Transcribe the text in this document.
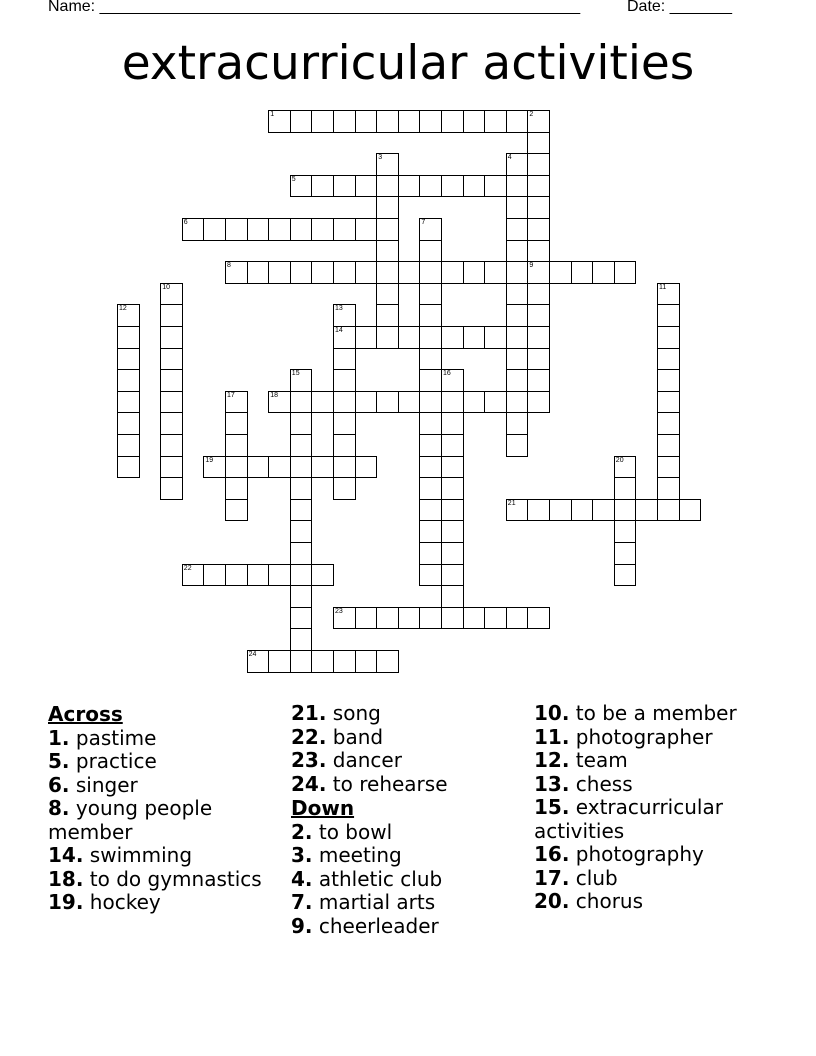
Name: ______________________________________________________	Date: _______
extracurricular activities
1	2
9
3	4
5
6	7
8
10	11
12	13
14
15	16
17	18
19	20
21
22
23
24
Across
1. pastime
5. practice
6. singer
8. young people member
14. swimming
18. to do gymnastics
19. hockey
21. song
22. band
23. dancer
24. to rehearse
Down
2. to bowl
3. meeting
4. athletic club
7. martial arts
9. cheerleader
10. to be a member
11. photographer
12. team
13. chess
15. extracurricular activities
16. photography
17. club
20. chorus
